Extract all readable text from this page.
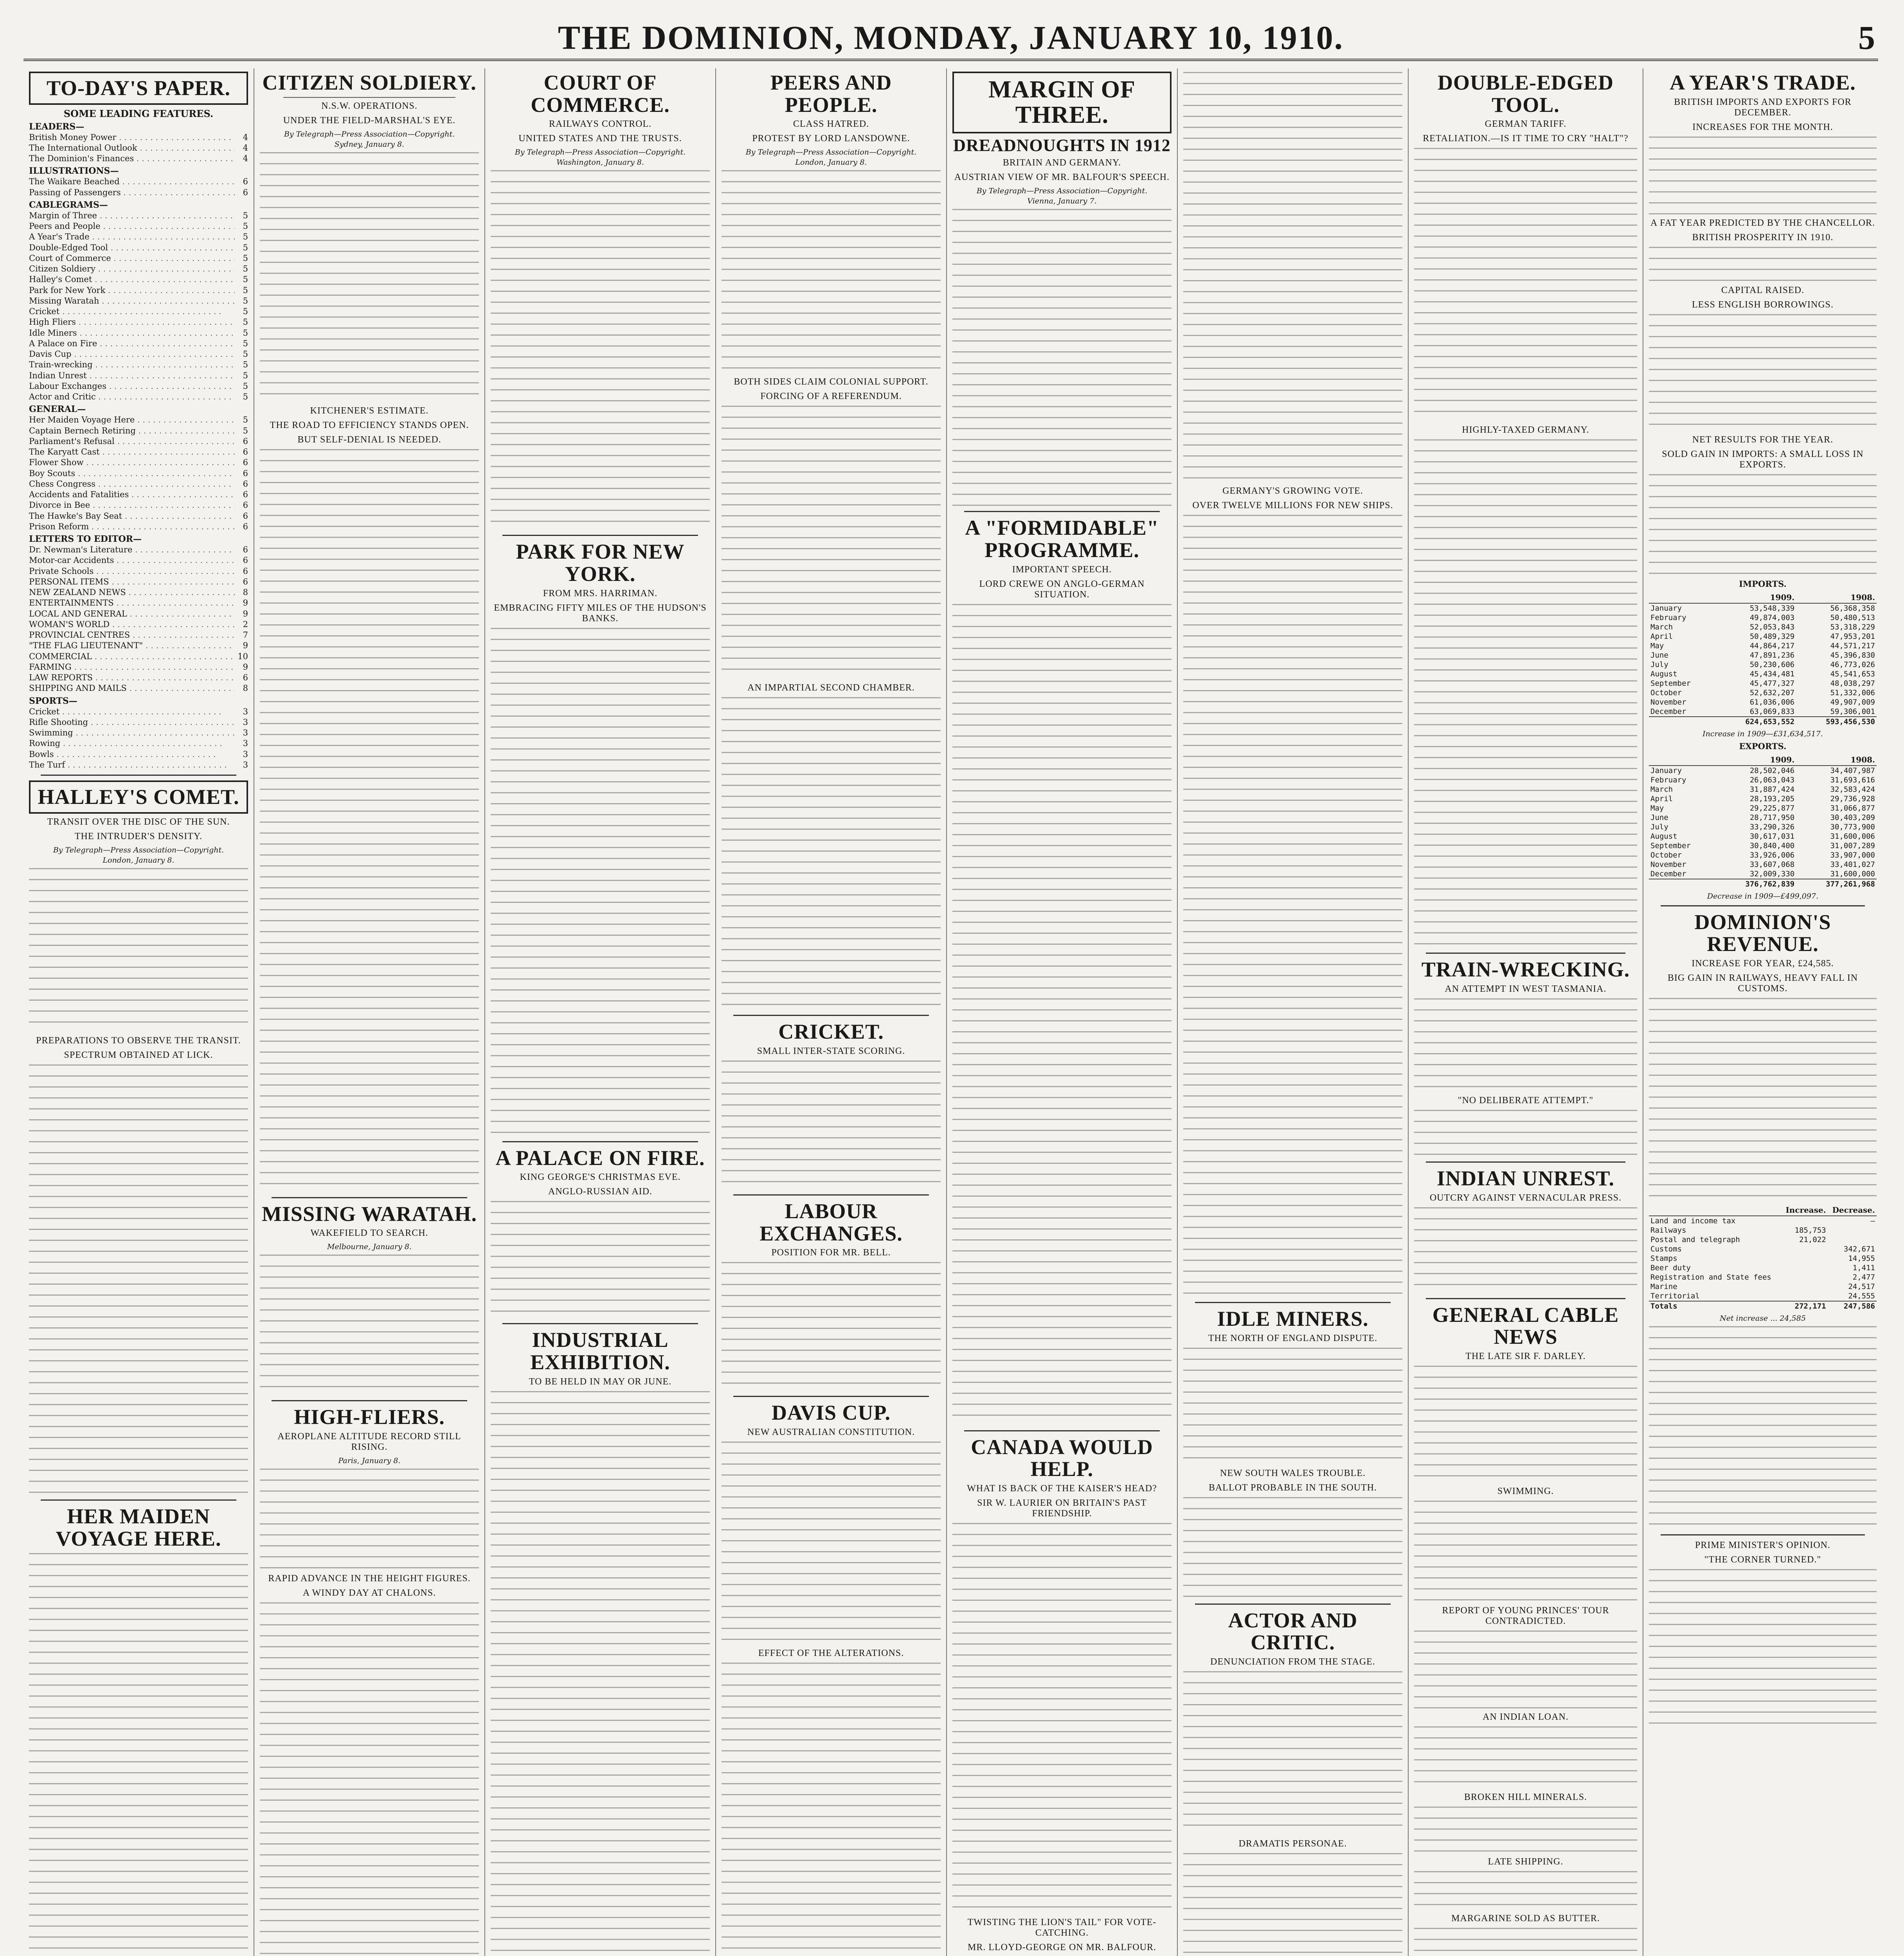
THE DOMINION, MONDAY, JANUARY 10, 1910.	5
TO-DAY'S PAPER.
SOME LEADING FEATURES.
LEADERS—
British Money Power . . .	4
The International Outlook . . .	4
The Dominion's Finances . . .	4
ILLUSTRATIONS—
The Waikare Beached . . .	6
Passing of Passengers . . .	6
CABLEGRAMS—
Margin of Three . . .	5
Peers and People . . .	5
A Year's Trade . . .	5
Double-Edged Tool . . .	5
Court of Commerce . . .	5
Citizen Soldiery . . .	5
Halley's Comet . . .	5
Park for New York . . .	5
Missing Waratah . . .	5
Cricket . . .	5
High Fliers . . .	5
Idle Miners . . .	5
A Palace on Fire . . .	5
Davis Cup . . .	5
Train-wrecking . . .	5
Indian Unrest . . .	5
Labour Exchanges . . .	5
Actor and Critic . . .	5
GENERAL—
Her Maiden Voyage Here . . .	5
Captain Bernech Retiring . . .	5
Parliament's Refusal . . .	6
The Karyatt Cast . . .	6
Flower Show . . .	6
Boy Scouts . . .	6
Chess Congress . . .	6
Accidents and Fatalities . . .	6
Divorce in Bee . . .	6
The Hawke's Bay Seat . . .	6
Prison Reform . . .	6
LETTERS TO EDITOR—
Dr. Newman's Literature . . .	6
Motor-car Accidents . . .	6
Private Schools . . .	6
PERSONAL ITEMS . . .	6
NEW ZEALAND NEWS . . .	8
ENTERTAINMENTS . . .	9
LOCAL AND GENERAL . . .	9
WOMAN'S WORLD . . .	2
PROVINCIAL CENTRES . . .	7
"THE FLAG LIEUTENANT" . . .	9
COMMERCIAL . . .	10
FARMING . . .	9
LAW REPORTS . . .	6
SHIPPING AND MAILS . . .	8
SPORTS—
Cricket . . .	3
Rifle Shooting . . .	3
Swimming . . .	3
Rowing . . .	3
Bowls . . .	3
The Turf . . .	3
HALLEY'S COMET.
TRANSIT OVER THE DISC OF THE SUN.
THE INTRUDER'S DENSITY.
By Telegraph—Press Association—Copyright.
London, January 8.
PREPARATIONS TO OBSERVE THE TRANSIT.
SPECTRUM OBTAINED AT LICK.
HER MAIDEN VOYAGE HERE.
CITIZEN SOLDIERY.
N.S.W. OPERATIONS.
UNDER THE FIELD-MARSHAL'S EYE.
By Telegraph—Press Association—Copyright.
Sydney, January 8.
KITCHENER'S ESTIMATE.
THE ROAD TO EFFICIENCY STANDS OPEN.
BUT SELF-DENIAL IS NEEDED.
MISSING WARATAH.
WAKEFIELD TO SEARCH.
Melbourne, January 8.
HIGH-FLIERS.
AEROPLANE ALTITUDE RECORD STILL RISING.
Paris, January 8.
RAPID ADVANCE IN THE HEIGHT FIGURES.
A WINDY DAY AT CHALONS.

COURT OF COMMERCE.
RAILWAYS CONTROL.
UNITED STATES AND THE TRUSTS.
By Telegraph—Press Association—Copyright.
Washington, January 8.
PARK FOR NEW YORK.
FROM MRS. HARRIMAN.
EMBRACING FIFTY MILES OF THE HUDSON'S BANKS.
A PALACE ON FIRE.
KING GEORGE'S CHRISTMAS EVE.
ANGLO-RUSSIAN AID.
INDUSTRIAL EXHIBITION.
TO BE HELD IN MAY OR JUNE.
PEERS AND PEOPLE.
CLASS HATRED.
PROTEST BY LORD LANSDOWNE.
By Telegraph—Press Association—Copyright.
London, January 8.
BOTH SIDES CLAIM COLONIAL SUPPORT.
FORCING OF A REFERENDUM.
AN IMPARTIAL SECOND CHAMBER.
CRICKET.
SMALL INTER-STATE SCORING.
LABOUR EXCHANGES.
POSITION FOR MR. BELL.
DAVIS CUP.
NEW AUSTRALIAN CONSTITUTION.
EFFECT OF THE ALTERATIONS.
MARGIN OF THREE.
DREADNOUGHTS IN 1912
BRITAIN AND GERMANY.
AUSTRIAN VIEW OF MR. BALFOUR'S SPEECH.
By Telegraph—Press Association—Copyright.
Vienna, January 7.
A "FORMIDABLE" PROGRAMME.
IMPORTANT SPEECH.
LORD CREWE ON ANGLO-GERMAN SITUATION.
CANADA WOULD HELP.
WHAT IS BACK OF THE KAISER'S HEAD?
SIR W. LAURIER ON BRITAIN'S PAST FRIENDSHIP.
TWISTING THE LION'S TAIL" FOR VOTE-CATCHING.
MR. LLOYD-GEORGE ON MR. BALFOUR.
GERMANY'S GROWING VOTE.
OVER TWELVE MILLIONS FOR NEW SHIPS.
IDLE MINERS.
THE NORTH OF ENGLAND DISPUTE.
NEW SOUTH WALES TROUBLE.
BALLOT PROBABLE IN THE SOUTH.
ACTOR AND CRITIC.
DENUNCIATION FROM THE STAGE.
DRAMATIS PERSONAE.
DOUBLE-EDGED TOOL.
GERMAN TARIFF.
RETALIATION.—IS IT TIME TO CRY "HALT"?
HIGHLY-TAXED GERMANY.
TRAIN-WRECKING.
AN ATTEMPT IN WEST TASMANIA.
"NO DELIBERATE ATTEMPT."
INDIAN UNREST.
OUTCRY AGAINST VERNACULAR PRESS.
GENERAL CABLE NEWS
THE LATE SIR F. DARLEY.
SWIMMING.
REPORT OF YOUNG PRINCES' TOUR CONTRADICTED.
AN INDIAN LOAN.
BROKEN HILL MINERALS.
LATE SHIPPING.
MARGARINE SOLD AS BUTTER.
A YEAR'S TRADE.
BRITISH IMPORTS AND EXPORTS FOR DECEMBER.
INCREASES FOR THE MONTH.
A FAT YEAR PREDICTED BY THE CHANCELLOR.
BRITISH PROSPERITY IN 1910.
CAPITAL RAISED.
LESS ENGLISH BORROWINGS.
NET RESULTS FOR THE YEAR.
SOLD GAIN IN IMPORTS: A SMALL LOSS IN EXPORTS.
IMPORTS.
	1909.	1908.
January	53,548,339	56,368,358
February	49,874,003	50,480,513
March	52,053,843	53,318,229
April	50,489,329	47,953,201
May	44,864,217	44,571,217
June	47,891,236	45,396,830
July	50,230,606	46,773,026
August	45,434,481	45,541,653
September	45,477,327	48,038,297
October	52,632,207	51,332,006
November	61,036,006	49,907,009
December	63,069,833	59,306,001
	624,653,552	593,456,530
Increase in 1909—£31,634,517.
EXPORTS.
	1909.	1908.
January	28,502,046	34,407,987
February	26,063,043	31,693,616
March	31,887,424	32,583,424
April	28,193,205	29,736,928
May	29,225,877	31,066,877
June	28,717,950	30,403,209
July	33,290,326	30,773,900
August	30,617,031	31,600,006
September	30,840,400	31,007,289
October	33,926,006	33,907,000
November	33,607,068	33,401,027
December	32,009,330	31,600,000
	376,762,839	377,261,968
Decrease in 1909—£499,097.
DOMINION'S REVENUE.
INCREASE FOR YEAR, £24,585.
BIG GAIN IN RAILWAYS, HEAVY FALL IN CUSTOMS.
	Increase.	Decrease.
Land and income tax		—
Railways	185,753	
Postal and telegraph	21,022	
Customs		342,671
Stamps		14,955
Beer duty		1,411
Registration and State fees		2,477
Marine		24,517
Territorial		24,555
Totals	272,171	247,586
Net increase ... 24,585
PRIME MINISTER'S OPINION.
"THE CORNER TURNED."
